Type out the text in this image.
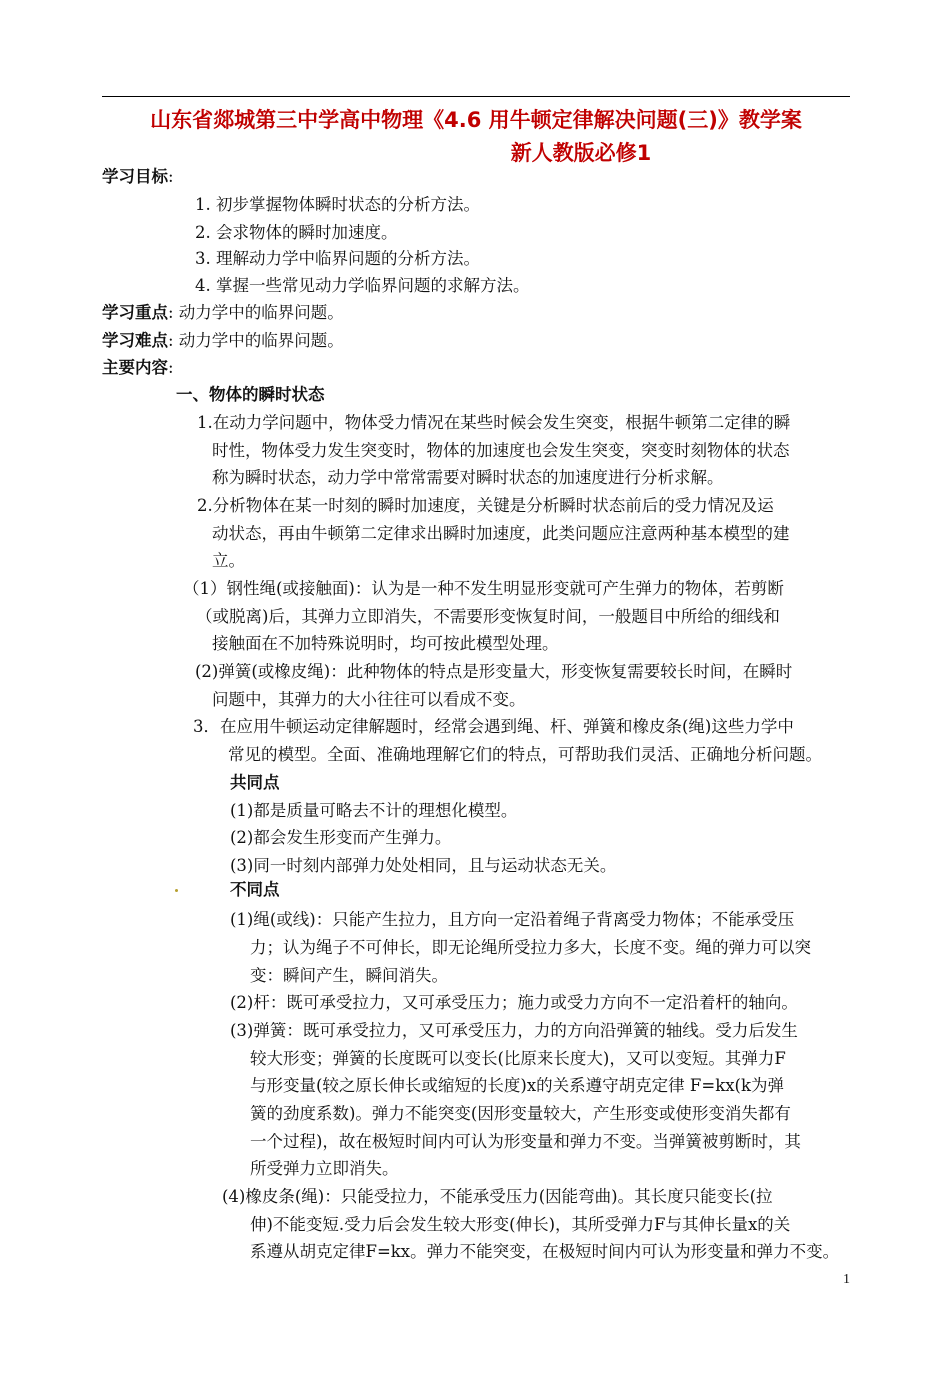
山东省郯城第三中学高中物理《4.6 用牛顿定律解决问题(三)》教学案
新人教版必修1
学习目标:
1. 初步掌握物体瞬时状态的分析方法。
2. 会求物体的瞬时加速度。
3. 理解动力学中临界问题的分析方法。
4. 掌握一些常见动力学临界问题的求解方法。
学习重点: 动力学中的临界问题。
学习难点: 动力学中的临界问题。
主要内容:
一、物体的瞬时状态
1.在动力学问题中，物体受力情况在某些时候会发生突变，根据牛顿第二定律的瞬
时性，物体受力发生突变时，物体的加速度也会发生突变，突变时刻物体的状态
称为瞬时状态，动力学中常常需要对瞬时状态的加速度进行分析求解。
2.分析物体在某一时刻的瞬时加速度，关键是分析瞬时状态前后的受力情况及运
动状态，再由牛顿第二定律求出瞬时加速度，此类问题应注意两种基本模型的建
立。
（1）钢性绳(或接触面)：认为是一种不发生明显形变就可产生弹力的物体，若剪断
（或脱离)后，其弹力立即消失，不需要形变恢复时间，一般题目中所给的细线和
接触面在不加特殊说明时，均可按此模型处理。
(2)弹簧(或橡皮绳)：此种物体的特点是形变量大，形变恢复需要较长时间，在瞬时
问题中，其弹力的大小往往可以看成不变。
3．在应用牛顿运动定律解题时，经常会遇到绳、杆、弹簧和橡皮条(绳)这些力学中
常见的模型。全面、准确地理解它们的特点，可帮助我们灵活、正确地分析问题。
共同点
(1)都是质量可略去不计的理想化模型。
(2)都会发生形变而产生弹力。
(3)同一时刻内部弹力处处相同，且与运动状态无关。
不同点
(1)绳(或线)：只能产生拉力，且方向一定沿着绳子背离受力物体；不能承受压
力；认为绳子不可伸长，即无论绳所受拉力多大，长度不变。绳的弹力可以突
变：瞬间产生，瞬间消失。
(2)杆：既可承受拉力，又可承受压力；施力或受力方向不一定沿着杆的轴向。
(3)弹簧：既可承受拉力，又可承受压力，力的方向沿弹簧的轴线。受力后发生
较大形变；弹簧的长度既可以变长(比原来长度大)，又可以变短。其弹力F
与形变量(较之原长伸长或缩短的长度)x的关系遵守胡克定律 F=kx(k为弹
簧的劲度系数)。弹力不能突变(因形变量较大，产生形变或使形变消失都有
一个过程)，故在极短时间内可认为形变量和弹力不变。当弹簧被剪断时，其
所受弹力立即消失。
(4)橡皮条(绳)：只能受拉力，不能承受压力(因能弯曲)。其长度只能变长(拉
伸)不能变短.受力后会发生较大形变(伸长)，其所受弹力F与其伸长量x的关
系遵从胡克定律F=kx。弹力不能突变，在极短时间内可认为形变量和弹力不变。
1
